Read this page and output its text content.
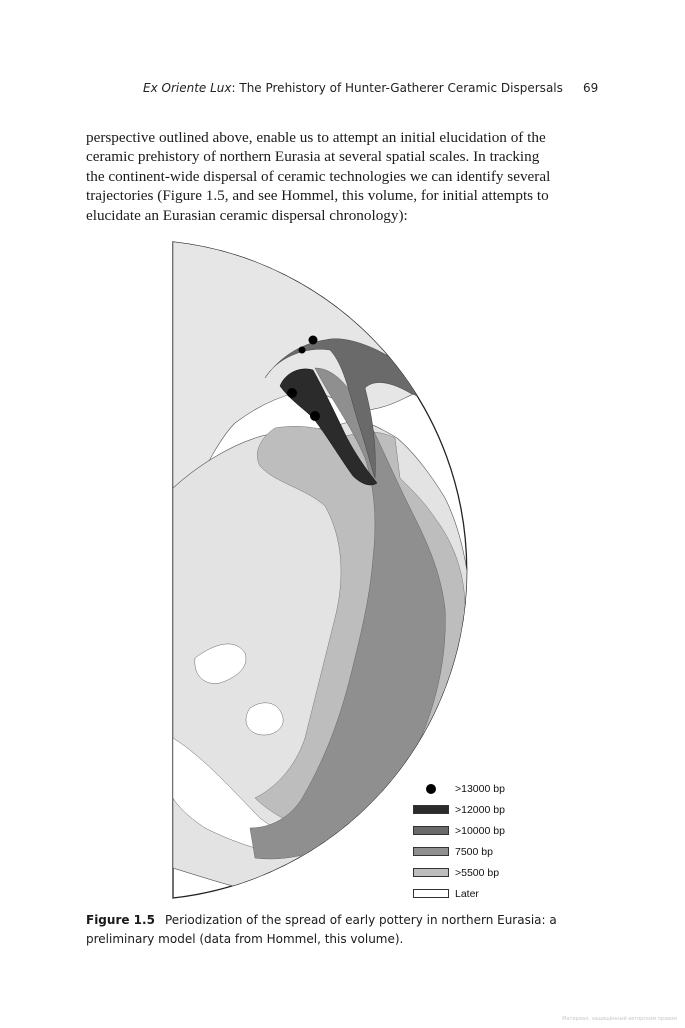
Ex Oriente Lux: The Prehistory of Hunter-Gatherer Ceramic Dispersals 69

perspective outlined above, enable us to attempt an initial elucidation of the
ceramic prehistory of northern Eurasia at several spatial scales. In tracking
the continent-wide dispersal of ceramic technologies we can identify several
trajectories (Figure 1.5, and see Hommel, this volume, for initial attempts to
elucidate an Eurasian ceramic dispersal chronology):

>13000 bp
>12000 bp
>10000 bp
7500 bp
>5500 bp
Later

Figure 1.5 Periodization of the spread of early pottery in northern Eurasia: a preliminary model (data from Hommel, this volume).

Материал, защищённый авторским правом
